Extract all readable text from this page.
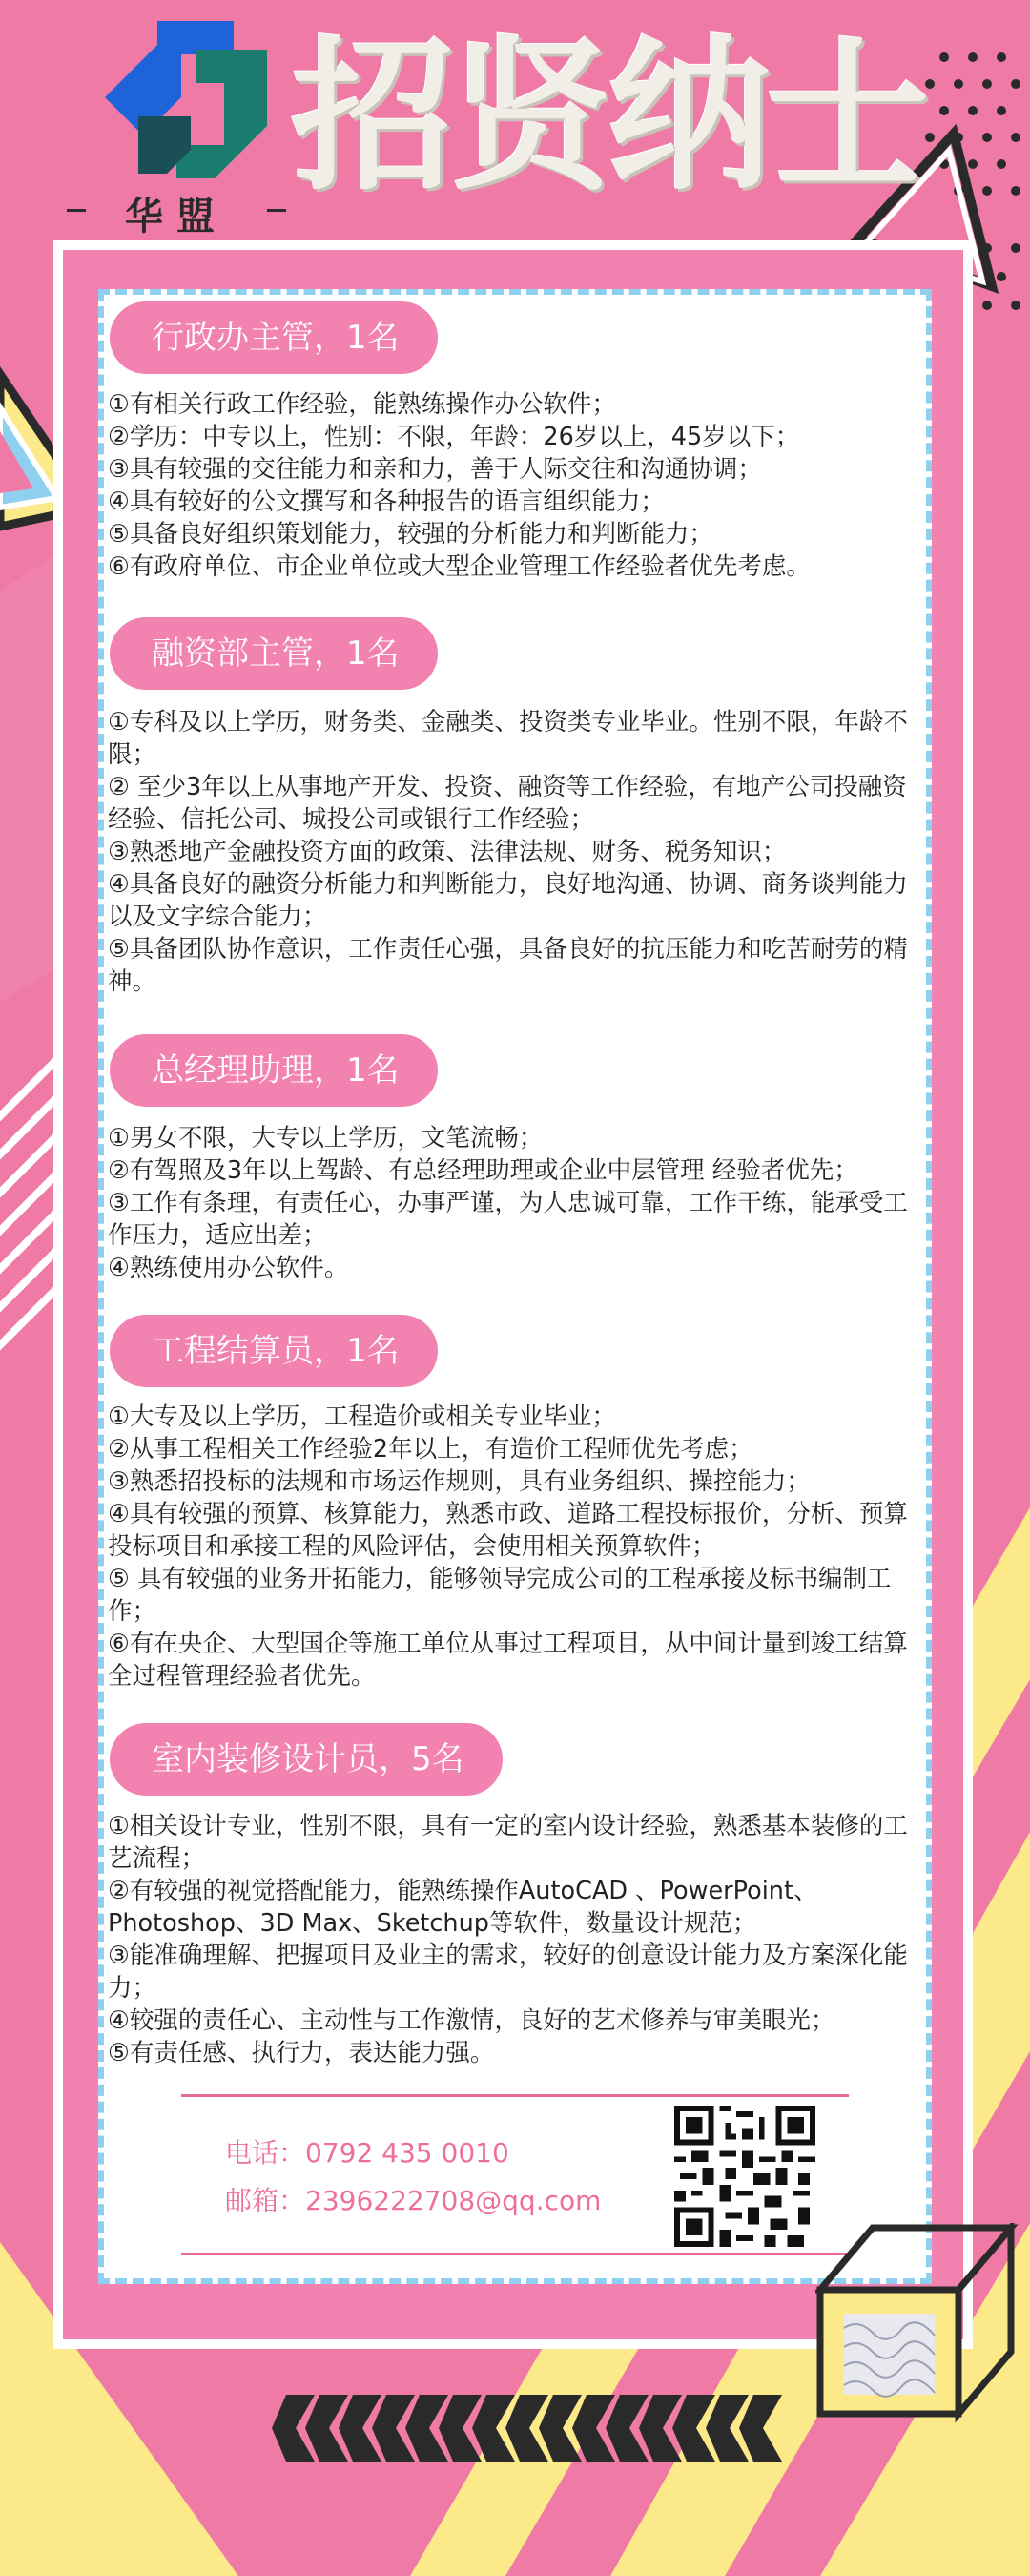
华盟
招贤纳士
行政办主管，1名
①有相关行政工作经验，能熟练操作办公软件；
②学历：中专以上，性别：不限，年龄：26岁以上，45岁以下；
③具有较强的交往能力和亲和力，善于人际交往和沟通协调；
④具有较好的公文撰写和各种报告的语言组织能力；
⑤具备良好组织策划能力，较强的分析能力和判断能力；
⑥有政府单位、市企业单位或大型企业管理工作经验者优先考虑。
融资部主管，1名
①专科及以上学历，财务类、金融类、投资类专业毕业。性别不限，年龄不限；
② 至少3年以上从事地产开发、投资、融资等工作经验，有地产公司投融资经验、信托公司、城投公司或银行工作经验；
③熟悉地产金融投资方面的政策、法律法规、财务、税务知识；
④具备良好的融资分析能力和判断能力，良好地沟通、协调、商务谈判能力以及文字综合能力；
⑤具备团队协作意识，工作责任心强，具备良好的抗压能力和吃苦耐劳的精神。
总经理助理，1名
①男女不限，大专以上学历，文笔流畅；
②有驾照及3年以上驾龄、有总经理助理或企业中层管理 经验者优先；
③工作有条理，有责任心，办事严谨，为人忠诚可靠，工作干练，能承受工作压力，适应出差；
④熟练使用办公软件。
工程结算员，1名
①大专及以上学历，工程造价或相关专业毕业；
②从事工程相关工作经验2年以上，有造价工程师优先考虑；
③熟悉招投标的法规和市场运作规则，具有业务组织、操控能力；
④具有较强的预算、核算能力，熟悉市政、道路工程投标报价，分析、预算投标项目和承接工程的风险评估，会使用相关预算软件；
⑤ 具有较强的业务开拓能力，能够领导完成公司的工程承接及标书编制工作；
⑥有在央企、大型国企等施工单位从事过工程项目，从中间计量到竣工结算全过程管理经验者优先。
室内装修设计员，5名
①相关设计专业，性别不限，具有一定的室内设计经验，熟悉基本装修的工艺流程；
②有较强的视觉搭配能力，能熟练操作AutoCAD 、PowerPoint、Photoshop、3D Max、Sketchup等软件，数量设计规范；
③能准确理解、把握项目及业主的需求，较好的创意设计能力及方案深化能力；
④较强的责任心、主动性与工作激情，良好的艺术修养与审美眼光；
⑤有责任感、执行力，表达能力强。
电话：0792 435 0010
邮箱：2396222708@qq.com
